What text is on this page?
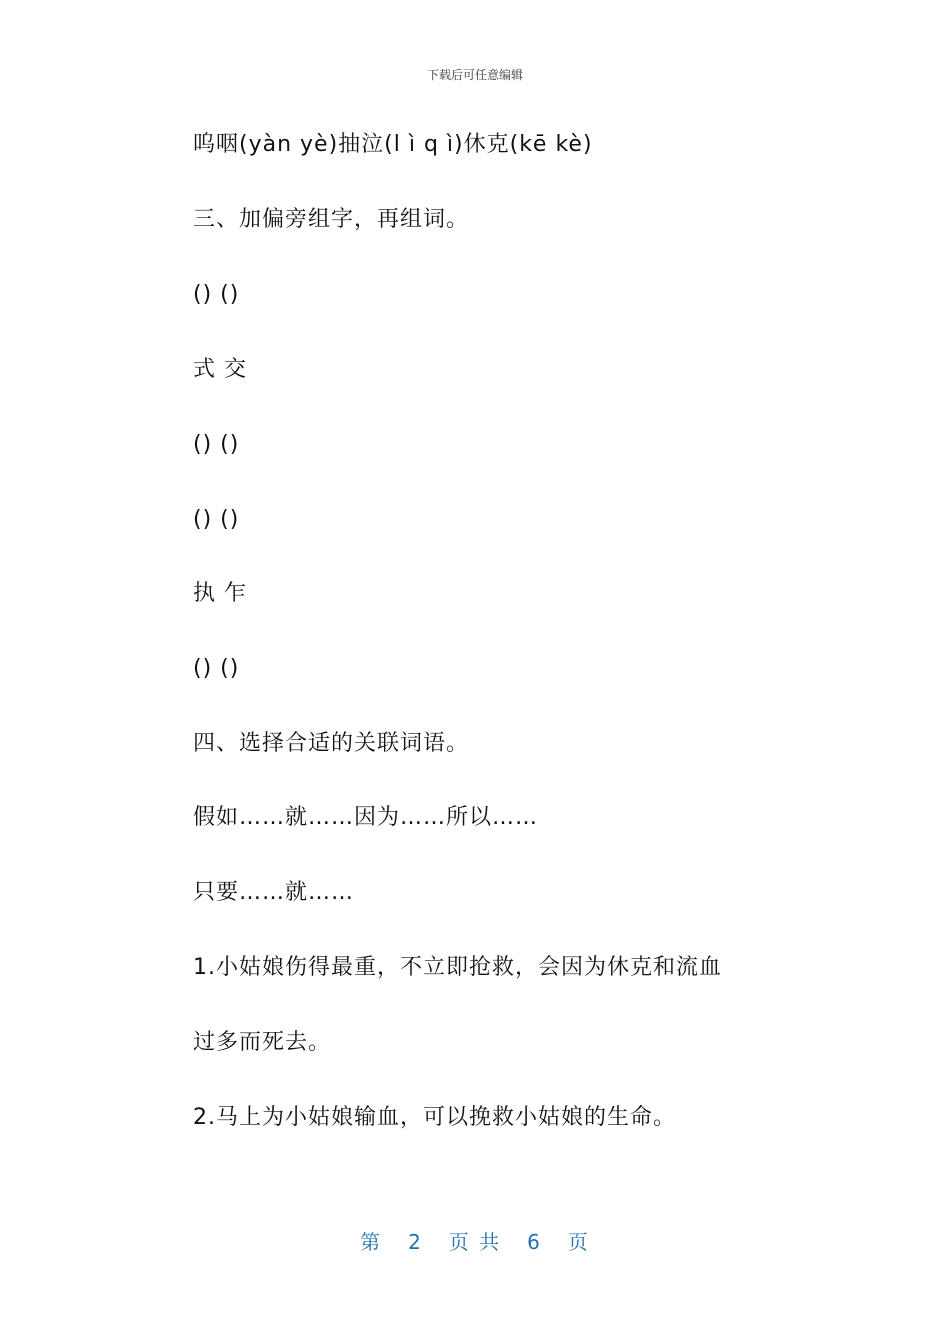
下载后可任意编辑
呜咽(yàn yè)抽泣(l ì q ì)休克(kē kè)
三、加偏旁组字，再组词。
() ()
式 交
() ()
() ()
执 乍
() ()
四、选择合适的关联词语。
假如……就……因为……所以……
只要……就……
1.小姑娘伤得最重，不立即抢救，会因为休克和流血
过多而死去。
2.马上为小姑娘输血，可以挽救小姑娘的生命。
第 2 页 共 6 页
